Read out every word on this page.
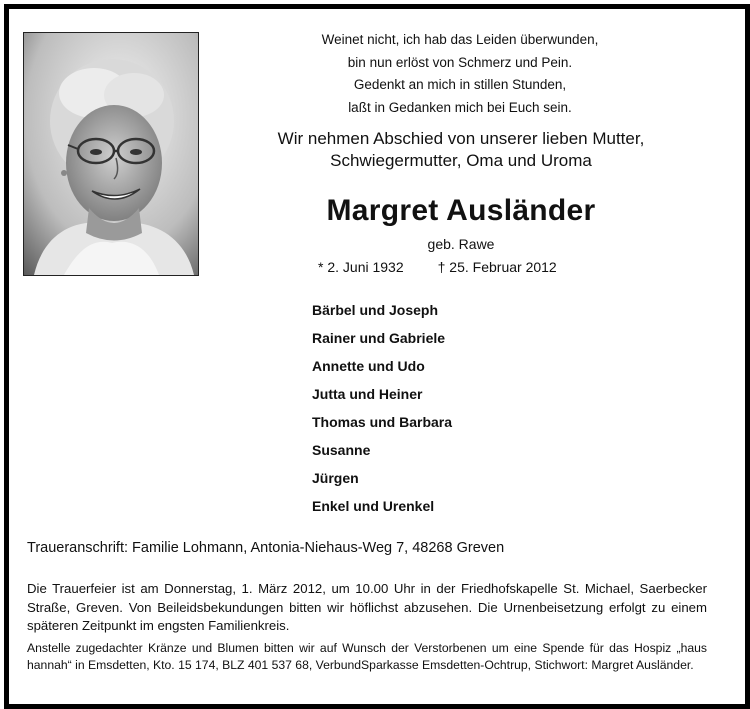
Weinet nicht, ich hab das Leiden überwunden,
bin nun erlöst von Schmerz und Pein.
Gedenkt an mich in stillen Stunden,
laßt in Gedanken mich bei Euch sein.
Wir nehmen Abschied von unserer lieben Mutter,
Schwiegermutter, Oma und Uroma
Margret Ausländer
geb. Rawe
* 2. Juni 1932 † 25. Februar 2012
Bärbel und Joseph
Rainer und Gabriele
Annette und Udo
Jutta und Heiner
Thomas und Barbara
Susanne
Jürgen
Enkel und Urenkel
Traueranschrift: Familie Lohmann, Antonia-Niehaus-Weg 7, 48268 Greven
Die Trauerfeier ist am Donnerstag, 1. März 2012, um 10.00 Uhr in der Friedhofskapelle St. Michael, Saerbecker Straße, Greven. Von Beileidsbekundungen bitten wir höflichst abzusehen. Die Urnenbeisetzung erfolgt zu einem späteren Zeitpunkt im engsten Familienkreis.
Anstelle zugedachter Kränze und Blumen bitten wir auf Wunsch der Verstorbenen um eine Spende für das Hospiz „haus hannah“ in Emsdetten, Kto. 15 174, BLZ 401 537 68, VerbundSparkasse Emsdetten-Ochtrup, Stichwort: Margret Ausländer.
